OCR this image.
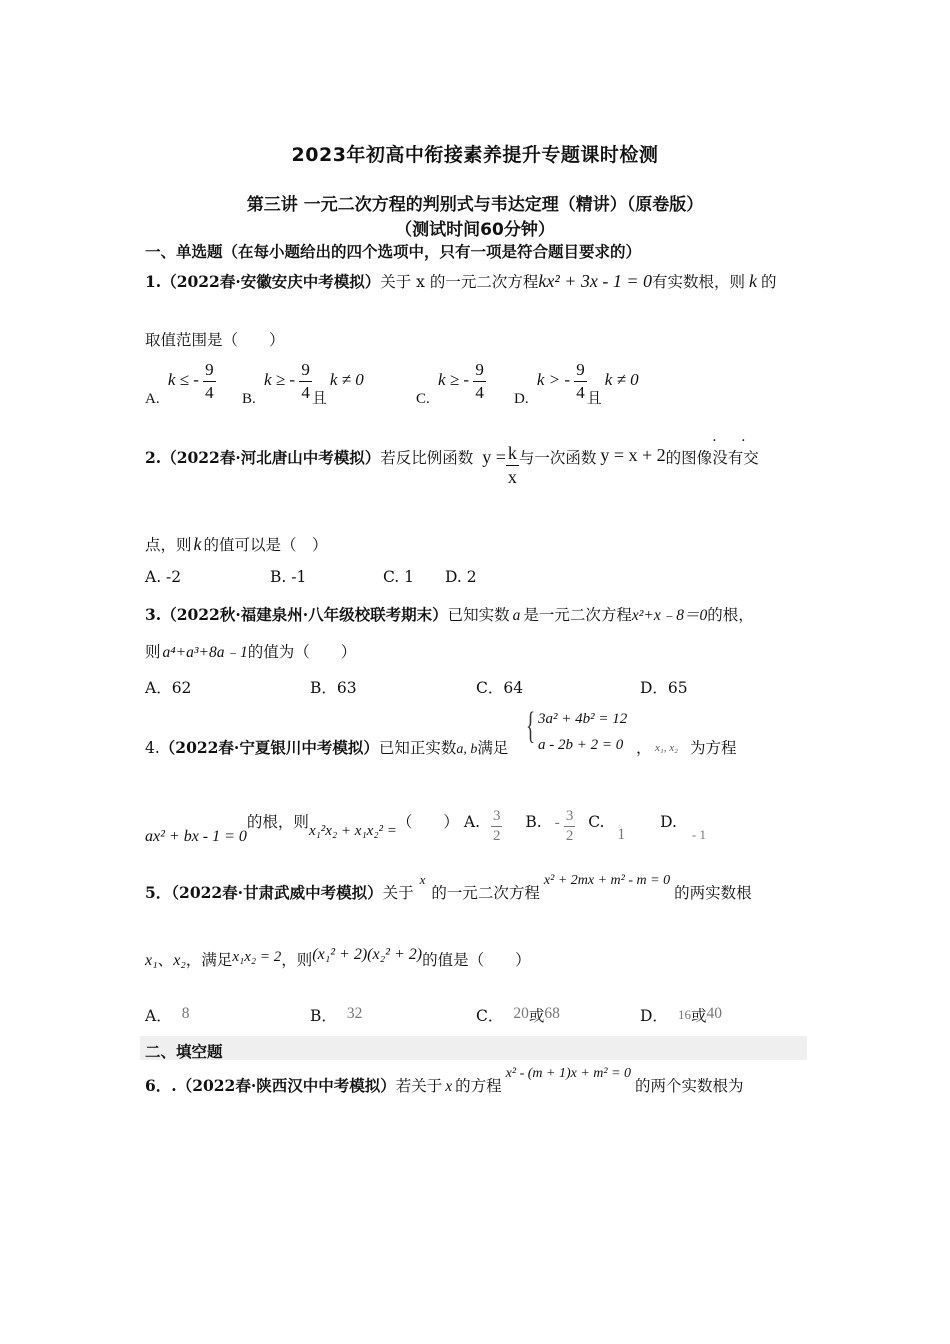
2023年初高中衔接素养提升专题课时检测
第三讲 一元二次方程的判别式与韦达定理（精讲）（原卷版）
（测试时间60分钟）
一、单选题（在每小题给出的四个选项中，只有一项是符合题目要求的）
1.（2022春·安徽安庆中考模拟）关于 x 的一元二次方程kx² + 3x - 1 = 0有实数根，则 k 的
取值范围是（　　）
A. k ≤ - $\frac{9}{4} B$. k ≥ - $\frac{9}{4}$ 且k ≠ 0
C. k ≥ - $\frac{9}{4} D$. k > - $\frac{9}{4}$ 且k ≠ 0
2.（2022春·河北唐山中考模拟）若反比例函数 $y = \frac{k}{x}$ 与一次函数 y = x + 2的图像没有
· ·
交
点，则 k 的值可以是（　）
A. -2	B. -1	C. 1 D. 2
3.（2022秋·福建泉州·八年级校联考期末）已知实数 a 是一元二次方程x²+x﹣8＝0的根，
则 a⁴+a³+8a﹣1的值为（　　）
A．62	B．63	C．64	D．65
4.（2022春·宁夏银川中考模拟）已知正实数a, b满足
{ 3a² + 4b² = 12
a - 2b + 2 = 0 ， x₁, x₂ 为方程
ax² + bx - 1 = 0的根，则x₁²x₂ + x₁x₂² =（　　） A. $\frac{3}{2} B$. - $\frac{3}{2} C$. 1 D. $_{- 1}$
5．（2022春·甘肃武威中考模拟）关于x的一元二次方程x² + 2mx + m² - m = 0的两实数根
x₁、x₂，满足x₁x₂ = 2，则(x₁² + 2)(x₂² + 2)的值是（　　）
A． 8	B． 32	C． 20或68	D． 16或40
二、填空题
6．.（2022春·陕西汉中中考模拟）若关于 x 的方程x² - (m + 1)x + m² = 0的两个实数根为
